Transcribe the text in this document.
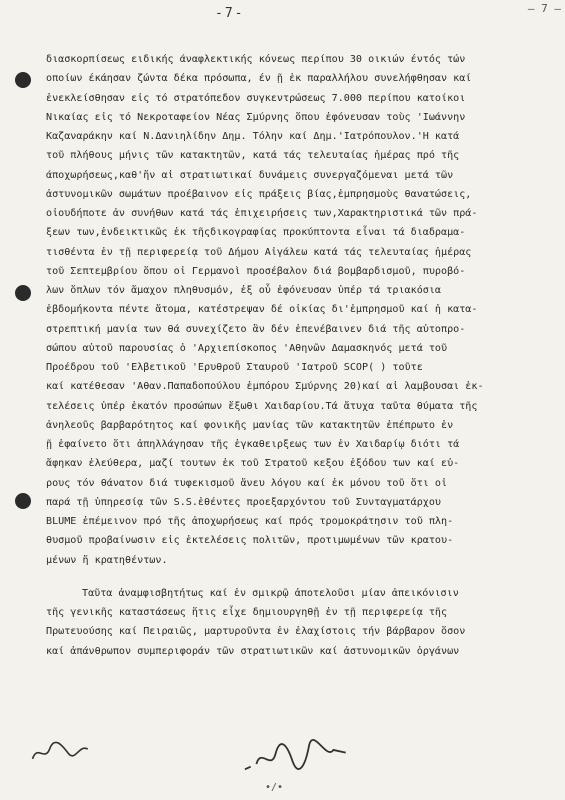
-7-	— 7 —
διασκορπίσεως ειδικής άναφλεκτικής κόνεως περίπου 30 οικιών έντός τών
οποίων έκάησαν ζώντα δέκα πρόσωπα, έν ῇ ἐκ παραλλήλου συνελήφθησαν καί
ἐνεκλείσθησαν εἰς τό στρατόπεδον συγκεντρώσεως 7.000 περίπου κατοίκοι
Νικαίας εἰς τό Νεκροταφείον Νέας Σμύρνης ὅπου ἐφόνευσαν τοὺς 'Ιωάννην
Καζαναράκην καί Ν.Δανιηλίδην Δημ. Τόλην καί Δημ.'Ιατρόπουλον.'Η κατά
τοῦ πλήθους μήνις τῶν κατακτητῶν, κατά τάς τελευταίας ἡμέρας πρό τῆς
άποχωρήσεως,καθ'ἤν αἱ στρατιωτικαί δυνάμεις συνεργαζόμεναι μετά τῶν
ἀστυνομικῶν σωμάτων προέβαινον εἰς πράξεις βίας,ἐμπρησμοὺς θανατώσεις,
οἱουδήποτε ἀν συνήθων κατά τάς ἐπιχειρήσεις των,Χαρακτηριστικά τῶν πρά-
ξεων των,ἐνδεικτικῶς ἐκ τῆςδικογραφίας προκύπτοντα εἶναι τά διαδραμα-
τισθέντα ἐν τῇ περιφερείᾳ τοῦ Δήμου Αἰγάλεω κατά τάς τελευταίας ἡμέρας
τοῦ Σεπτεμβρίου ὅπου οἱ Γερμανοὶ προσέβαλον διά βομβαρδισμοῦ, πυροβό-
λων ὅπλων τόν ἄμαχον πληθυσμόν, ἐξ οὗ ἐφόνευσαν ὑπέρ τά τριακόσια
ἑβδομήκοντα πέντε ἄτομα, κατέστρεψαν δέ οἰκίας δι'ἐμπρησμοῦ καί ἡ κατα-
στρεπτική μανία των θά συνεχίζετο ἂν δέν ἐπενέβαινεν διά τῆς αὐτοπρο-
σώπου αὐτοῦ παρουσίας ὁ 'Αρχιεπίσκοπος 'Αθηνῶν Δαμασκηνός μετά τοῦ
Προέδρου τοῦ 'Ελβετικοῦ 'Ερυθροῦ Σταυροῦ 'Ιατροῦ SCOP( ) τοῦτε
καί κατέθεσαν 'Αθαν.Παπαδοπούλου ἐμπόρου Σμύρνης 20)καί αἱ λαμβουσαι ἐκ-
τελέσεις ὑπέρ ἑκατόν προσώπων ἔξωθι Χαιδαρίου.Τά ἄτυχα ταῦτα θύματα τῆς
ἀνηλεοῦς βαρβαρότητος καί φονικῆς μανίας τῶν κατακτητῶν ἐπέπρωτο ἐν
ῇ ἐφαίνετο ὅτι ἀπηλλάγησαν τῆς ἐγκαθειρξεως των ἐν Χαιδαρίῳ διότι τά
ἄφηκαν ἐλεύθερα, μαζί τουτων ἐκ τοῦ Στρατοῦ κεξου ἐξόδου των καί εὐ-
ρους τόν θάνατον διά τυφεκισμοῦ ἄνευ λόγου καί ἐκ μόνου τοῦ ὅτι οἱ
παρά τῇ ὑπηρεσίᾳ τῶν S.S.ἐθέντες προεξαρχόντου τοῦ Συνταγματάρχου
BLUME ἐπέμεινον πρό τῆς ἀποχωρήσεως καί πρός τρομοκράτησιν τοῦ πλη-
θυσμοῦ προβαίνωσιν εἰς ἐκτελέσεις πολιτῶν, προτιμωμένων τῶν κρατου-
μένων ἤ κρατηθέντων.
Ταῦτα ἀναμφισβητήτως καί ἐν σμικρῷ ἀποτελοῦσι μίαν ἀπεικόνισιν
τῆς γενικῆς καταστάσεως ἥτις εἶχε δημιουργηθῇ ἐν τῇ περιφερείᾳ τῆς
Πρωτευούσης καί Πειραιῶς, μαρτυροῦντα ἐν ἐλαχίστοις τήν βάρβαρον ὅσον
καί ἀπάνθρωπον συμπεριφοράν τῶν στρατιωτικῶν καί ἀστυνομικῶν ὀργάνων
•/•
